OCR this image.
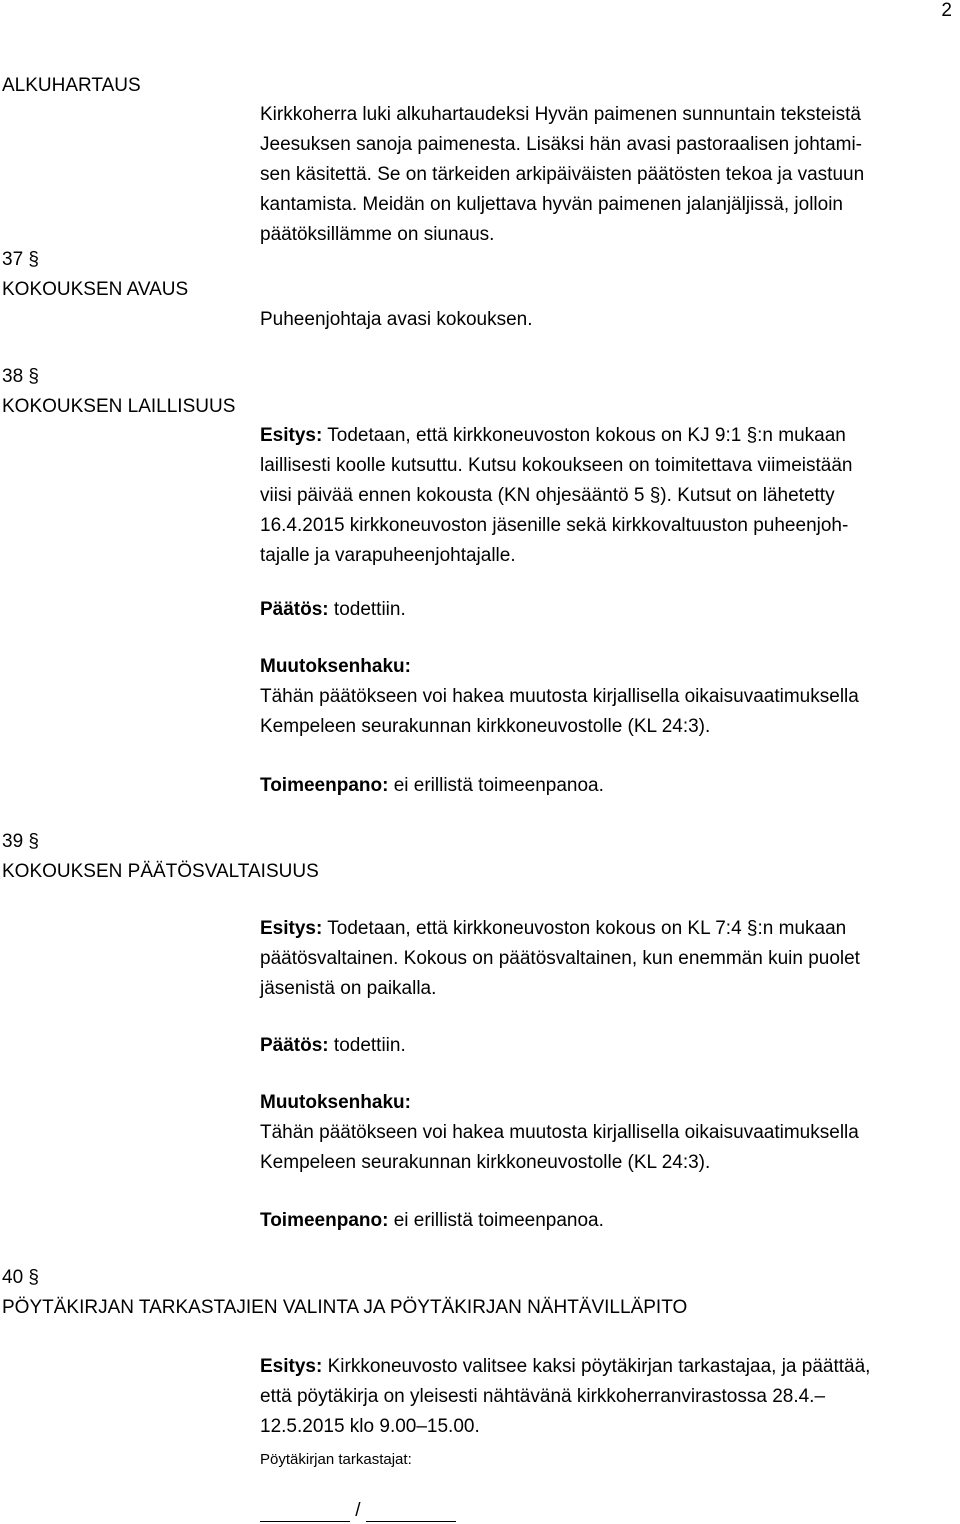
2
ALKUHARTAUS
Kirkkoherra luki alkuhartaudeksi Hyvän paimenen sunnuntain teksteistä
Jeesuksen sanoja paimenesta. Lisäksi hän avasi pastoraalisen johtami-
sen käsitettä. Se on tärkeiden arkipäiväisten päätösten tekoa ja vastuun
kantamista. Meidän on kuljettava hyvän paimenen jalanjäljissä, jolloin
päätöksillämme on siunaus.
37 §
KOKOUKSEN AVAUS
Puheenjohtaja avasi kokouksen.
38 §
KOKOUKSEN LAILLISUUS
Esitys: Todetaan, että kirkkoneuvoston kokous on KJ 9:1 §:n mukaan
laillisesti koolle kutsuttu. Kutsu kokoukseen on toimitettava viimeistään
viisi päivää ennen kokousta (KN ohjesääntö 5 §). Kutsut on lähetetty
16.4.2015 kirkkoneuvoston jäsenille sekä kirkkovaltuuston puheenjoh-
tajalle ja varapuheenjohtajalle.
Päätös: todettiin.
Muutoksenhaku:
Tähän päätökseen voi hakea muutosta kirjallisella oikaisuvaatimuksella
Kempeleen seurakunnan kirkkoneuvostolle (KL 24:3).
Toimeenpano: ei erillistä toimeenpanoa.
39 §
KOKOUKSEN PÄÄTÖSVALTAISUUS
Esitys: Todetaan, että kirkkoneuvoston kokous on KL 7:4 §:n mukaan
päätösvaltainen. Kokous on päätösvaltainen, kun enemmän kuin puolet
jäsenistä on paikalla.
Päätös: todettiin.
Muutoksenhaku:
Tähän päätökseen voi hakea muutosta kirjallisella oikaisuvaatimuksella
Kempeleen seurakunnan kirkkoneuvostolle (KL 24:3).
Toimeenpano: ei erillistä toimeenpanoa.
40 §
PÖYTÄKIRJAN TARKASTAJIEN VALINTA JA PÖYTÄKIRJAN NÄHTÄVILLÄPITO
Esitys: Kirkkoneuvosto valitsee kaksi pöytäkirjan tarkastajaa, ja päättää,
että pöytäkirja on yleisesti nähtävänä kirkkoherranvirastossa 28.4.–
12.5.2015 klo 9.00–15.00.
Pöytäkirjan tarkastajat:
/
